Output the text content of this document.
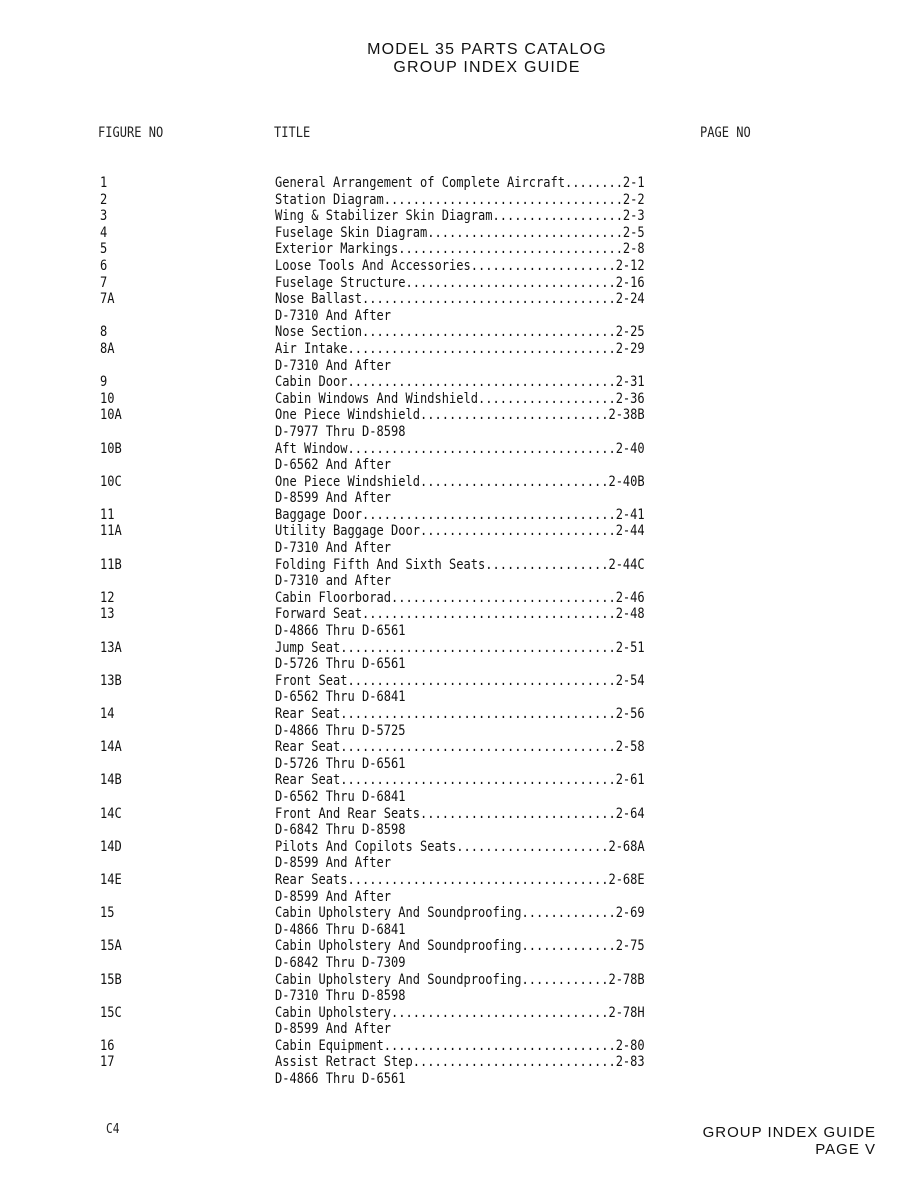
MODEL 35 PARTS CATALOG
GROUP INDEX GUIDE
FIGURE NO	TITLE	PAGE NO
1	General Arrangement of Complete Aircraft........2-1
2	Station Diagram.................................2-2
3	Wing & Stabilizer Skin Diagram..................2-3
4	Fuselage Skin Diagram...........................2-5
5	Exterior Markings...............................2-8
6	Loose Tools And Accessories....................2-12
7	Fuselage Structure.............................2-16
7A	Nose Ballast...................................2-24
D-7310 And After
8	Nose Section...................................2-25
8A	Air Intake.....................................2-29
D-7310 And After
9	Cabin Door.....................................2-31
10	Cabin Windows And Windshield...................2-36
10A	One Piece Windshield..........................2-38B
D-7977 Thru D-8598
10B	Aft Window.....................................2-40
D-6562 And After
10C	One Piece Windshield..........................2-40B
D-8599 And After
11	Baggage Door...................................2-41
11A	Utility Baggage Door...........................2-44
D-7310 And After
11B	Folding Fifth And Sixth Seats.................2-44C
D-7310 and After
12	Cabin Floorborad...............................2-46
13	Forward Seat...................................2-48
D-4866 Thru D-6561
13A	Jump Seat......................................2-51
D-5726 Thru D-6561
13B	Front Seat.....................................2-54
D-6562 Thru D-6841
14	Rear Seat......................................2-56
D-4866 Thru D-5725
14A	Rear Seat......................................2-58
D-5726 Thru D-6561
14B	Rear Seat......................................2-61
D-6562 Thru D-6841
14C	Front And Rear Seats...........................2-64
D-6842 Thru D-8598
14D	Pilots And Copilots Seats.....................2-68A
D-8599 And After
14E	Rear Seats....................................2-68E
D-8599 And After
15	Cabin Upholstery And Soundproofing.............2-69
D-4866 Thru D-6841
15A	Cabin Upholstery And Soundproofing.............2-75
D-6842 Thru D-7309
15B	Cabin Upholstery And Soundproofing............2-78B
D-7310 Thru D-8598
15C	Cabin Upholstery..............................2-78H
D-8599 And After
16	Cabin Equipment................................2-80
17	Assist Retract Step............................2-83
D-4866 Thru D-6561
C4	GROUP INDEX GUIDE
PAGE V
